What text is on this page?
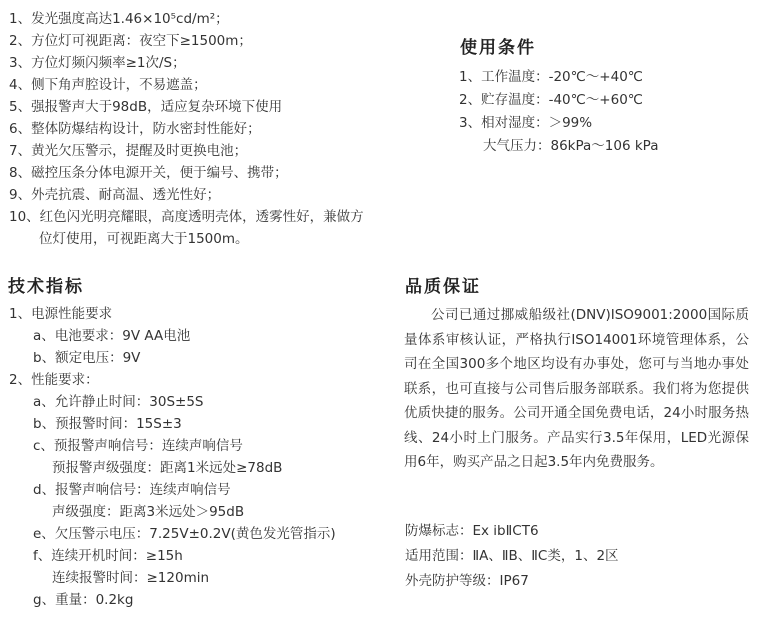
1、发光强度高达1.46×10⁵cd/m²；
2、方位灯可视距离：夜空下≥1500m；
3、方位灯频闪频率≥1次/S；
4、侧下角声腔设计，不易遮盖；
5、强报警声大于98dB，适应复杂环境下使用
6、整体防爆结构设计，防水密封性能好；
7、黄光欠压警示，提醒及时更换电池；
8、磁控压条分体电源开关，便于编号、携带；
9、外壳抗震、耐高温、透光性好；
10、红色闪光明亮耀眼，高度透明壳体，透雾性好，兼做方
位灯使用，可视距离大于1500m。
使用条件
1、工作温度：-20℃～+40℃
2、贮存温度：-40℃～+60℃
3、相对湿度：＞99%
大气压力：86kPa～106 kPa
技术指标
1、电源性能要求
a、电池要求：9V AA电池
b、额定电压：9V
2、性能要求：
a、允许静止时间：30S±5S
b、预报警时间：15S±3
c、预报警声响信号：连续声响信号
预报警声级强度：距离1米远处≥78dB
d、报警声响信号：连续声响信号
声级强度：距离3米远处＞95dB
e、欠压警示电压：7.25V±0.2V(黄色发光管指示)
f、连续开机时间：≥15h
连续报警时间：≥120min
g、重量：0.2kg
品质保证
公司已通过挪威船级社(DNV)ISO9001:2000国际质量体系审核认证，严格执行ISO14001环境管理体系，公司在全国300多个地区均设有办事处，您可与当地办事处联系，也可直接与公司售后服务部联系。我们将为您提供优质快捷的服务。公司开通全国免费电话，24小时服务热线、24小时上门服务。产品实行3.5年保用，LED光源保用6年，购买产品之日起3.5年内免费服务。
防爆标志：Ex ibⅡCT6
适用范围：ⅡA、ⅡB、ⅡC类，1、2区
外壳防护等级：IP67
